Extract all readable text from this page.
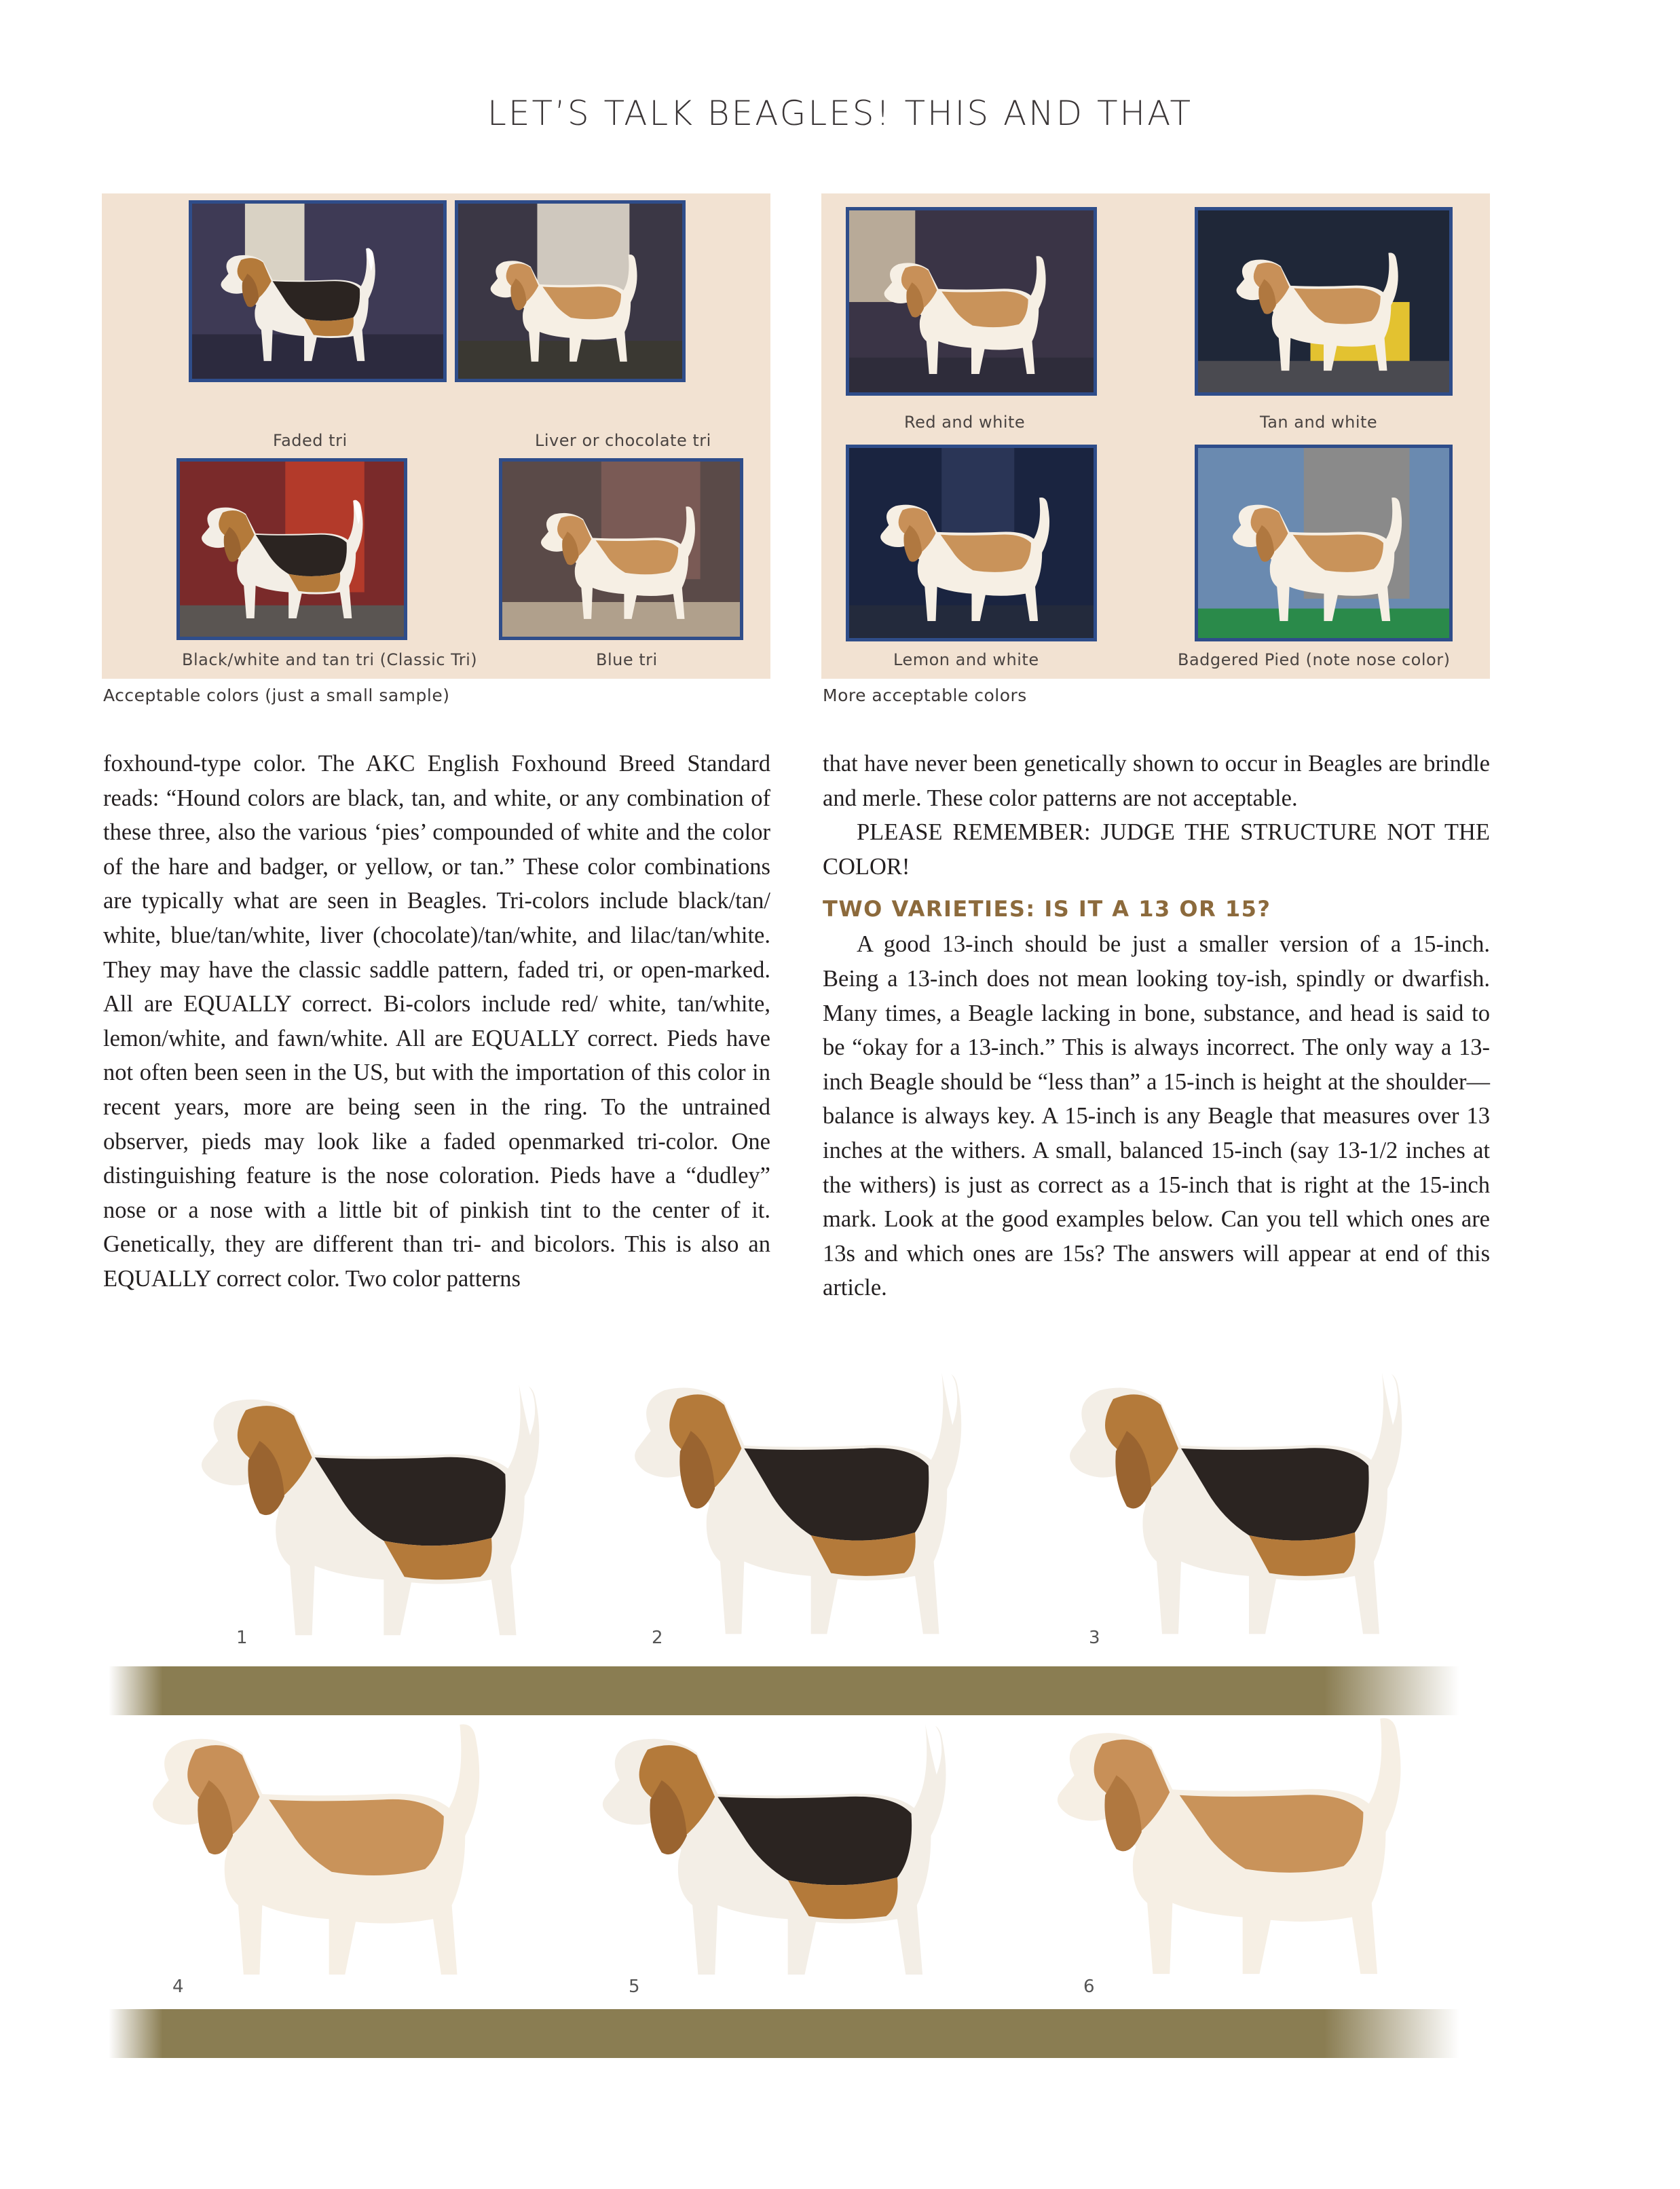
LET’S TALK BEAGLES! THIS AND THAT
Faded tri	Liver or chocolate tri
Black/white and tan tri (Classic Tri)	Blue tri
Acceptable colors (just a small sample)
Red and white	Tan and white
Lemon and white	Badgered Pied (note nose color)
More acceptable colors

foxhound-type color. The AKC English Foxhound Breed Standard reads: “Hound colors are black, tan, and white, or any combination of these three, also the various ‘pies’ compounded of white and the color of the hare and badger, or yellow, or tan.” These color combinations are typically what are seen in Beagles. Tri-colors include black/tan/ white, blue/tan/white, liver (chocolate)/tan/white, and lilac/tan/white. They may have the classic saddle pattern, faded tri, or open-marked. All are EQUALLY correct. Bi-colors include red/ white, tan/white, lemon/white, and fawn/white. All are EQUALLY correct. Pieds have not often been seen in the US, but with the importation of this color in recent years, more are being seen in the ring. To the untrained observer, pieds may look like a faded openmarked tri-color. One distinguishing feature is the nose coloration. Pieds have a “dudley” nose or a nose with a little bit of pinkish tint to the center of it. Genetically, they are different than tri- and bicolors. This is also an EQUALLY correct color. Two color patterns

that have never been genetically shown to occur in Beagles are brindle and merle. These color patterns are not acceptable.

PLEASE REMEMBER: JUDGE THE STRUCTURE NOT THE COLOR!

TWO VARIETIES: IS IT A 13 OR 15?

A good 13-inch should be just a smaller version of a 15-inch. Being a 13-inch does not mean looking toy-ish, spindly or dwarfish. Many times, a Beagle lacking in bone, substance, and head is said to be “okay for a 13-inch.” This is always incorrect. The only way a 13-inch Beagle should be “less than” a 15-inch is height at the shoulder—balance is always key. A 15-inch is any Beagle that measures over 13 inches at the withers. A small, balanced 15-inch (say 13-1/2 inches at the withers) is just as correct as a 15-inch that is right at the 15-inch mark. Look at the good examples below. Can you tell which ones are 13s and which ones are 15s? The answers will appear at end of this article.

1	2	3
4	5	6
